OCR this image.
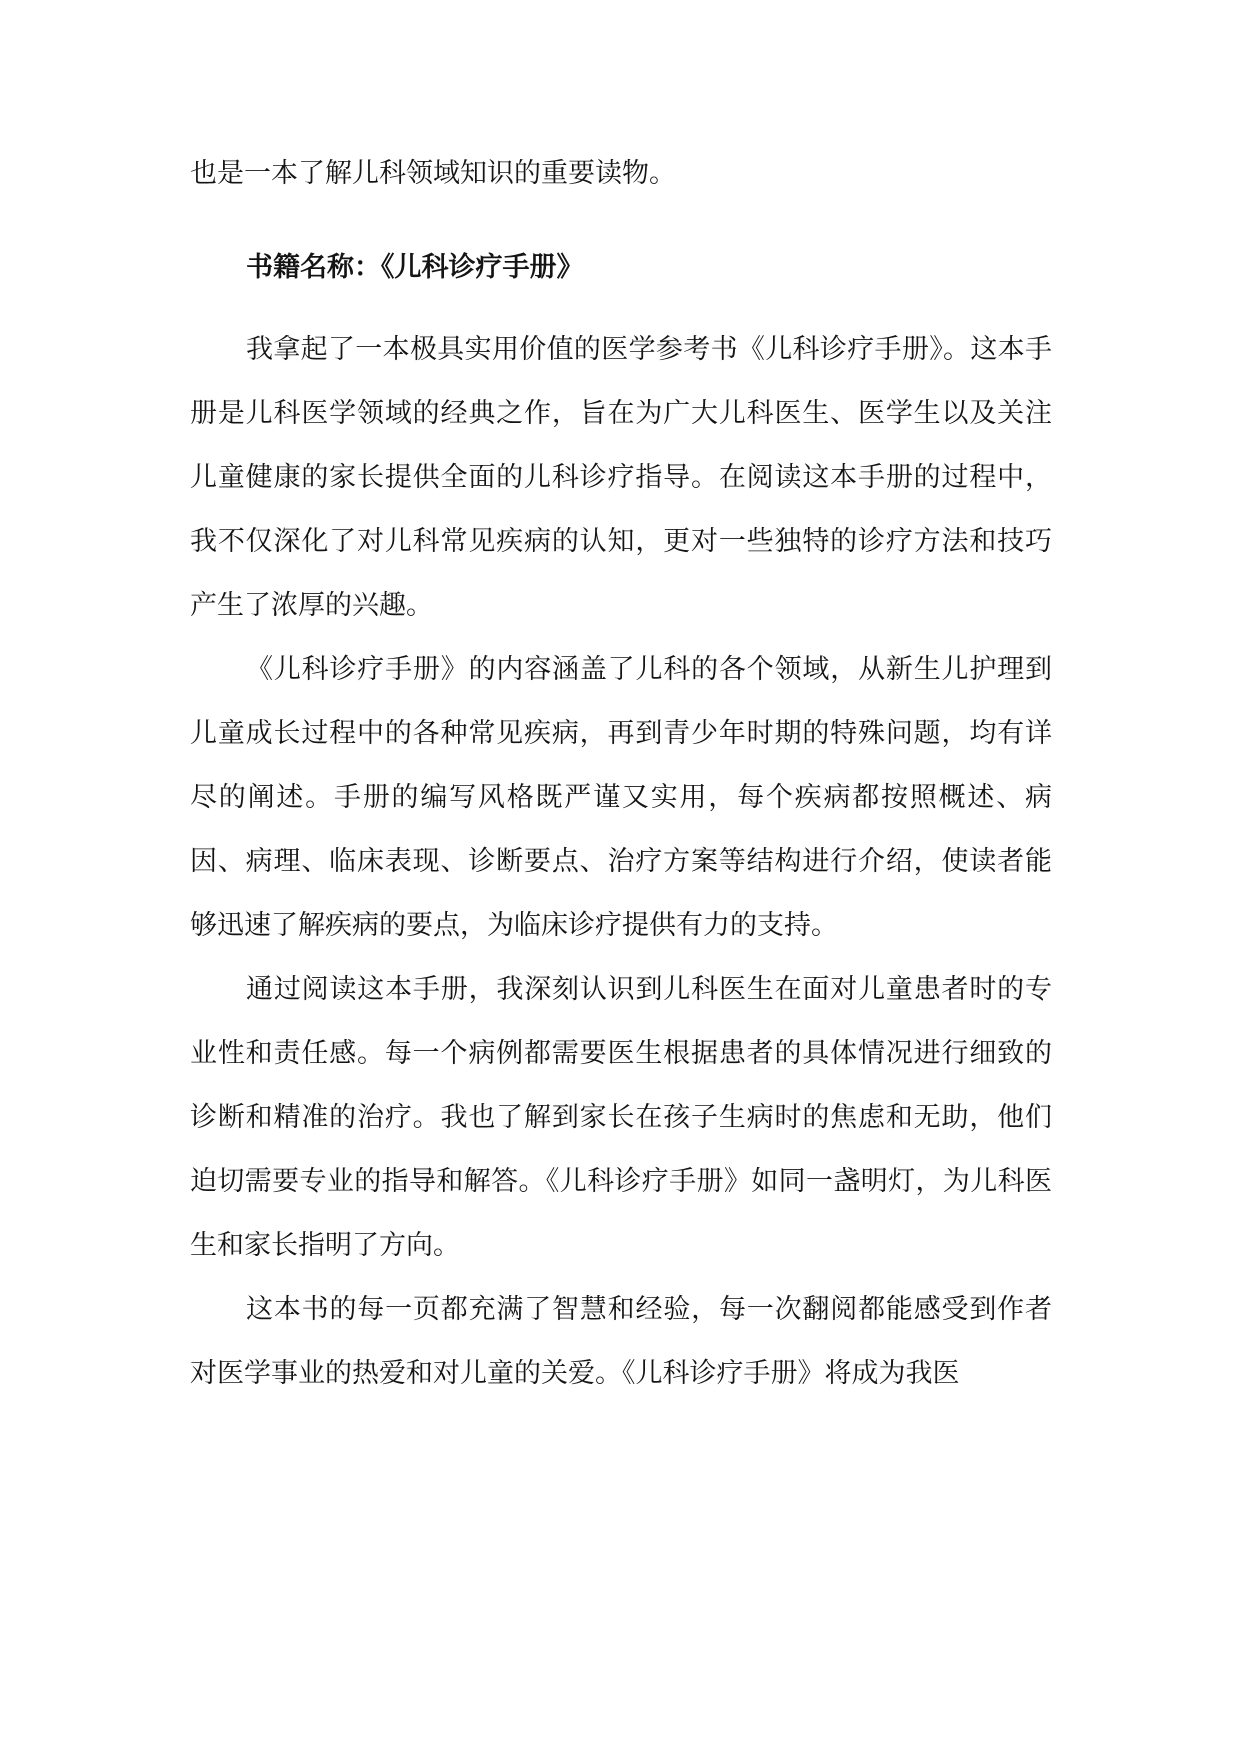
也是一本了解儿科领域知识的重要读物。

书籍名称：《儿科诊疗手册》

我拿起了一本极具实用价值的医学参考书《儿科诊疗手册》。这本手册是儿科医学领域的经典之作，旨在为广大儿科医生、医学生以及关注儿童健康的家长提供全面的儿科诊疗指导。在阅读这本手册的过程中，我不仅深化了对儿科常见疾病的认知，更对一些独特的诊疗方法和技巧产生了浓厚的兴趣。

《儿科诊疗手册》的内容涵盖了儿科的各个领域，从新生儿护理到儿童成长过程中的各种常见疾病，再到青少年时期的特殊问题，均有详尽的阐述。手册的编写风格既严谨又实用，每个疾病都按照概述、病因、病理、临床表现、诊断要点、治疗方案等结构进行介绍，使读者能够迅速了解疾病的要点，为临床诊疗提供有力的支持。

通过阅读这本手册，我深刻认识到儿科医生在面对儿童患者时的专业性和责任感。每一个病例都需要医生根据患者的具体情况进行细致的诊断和精准的治疗。我也了解到家长在孩子生病时的焦虑和无助，他们迫切需要专业的指导和解答。《儿科诊疗手册》如同一盏明灯，为儿科医生和家长指明了方向。

这本书的每一页都充满了智慧和经验，每一次翻阅都能感受到作者对医学事业的热爱和对儿童的关爱。《儿科诊疗手册》将成为我医
